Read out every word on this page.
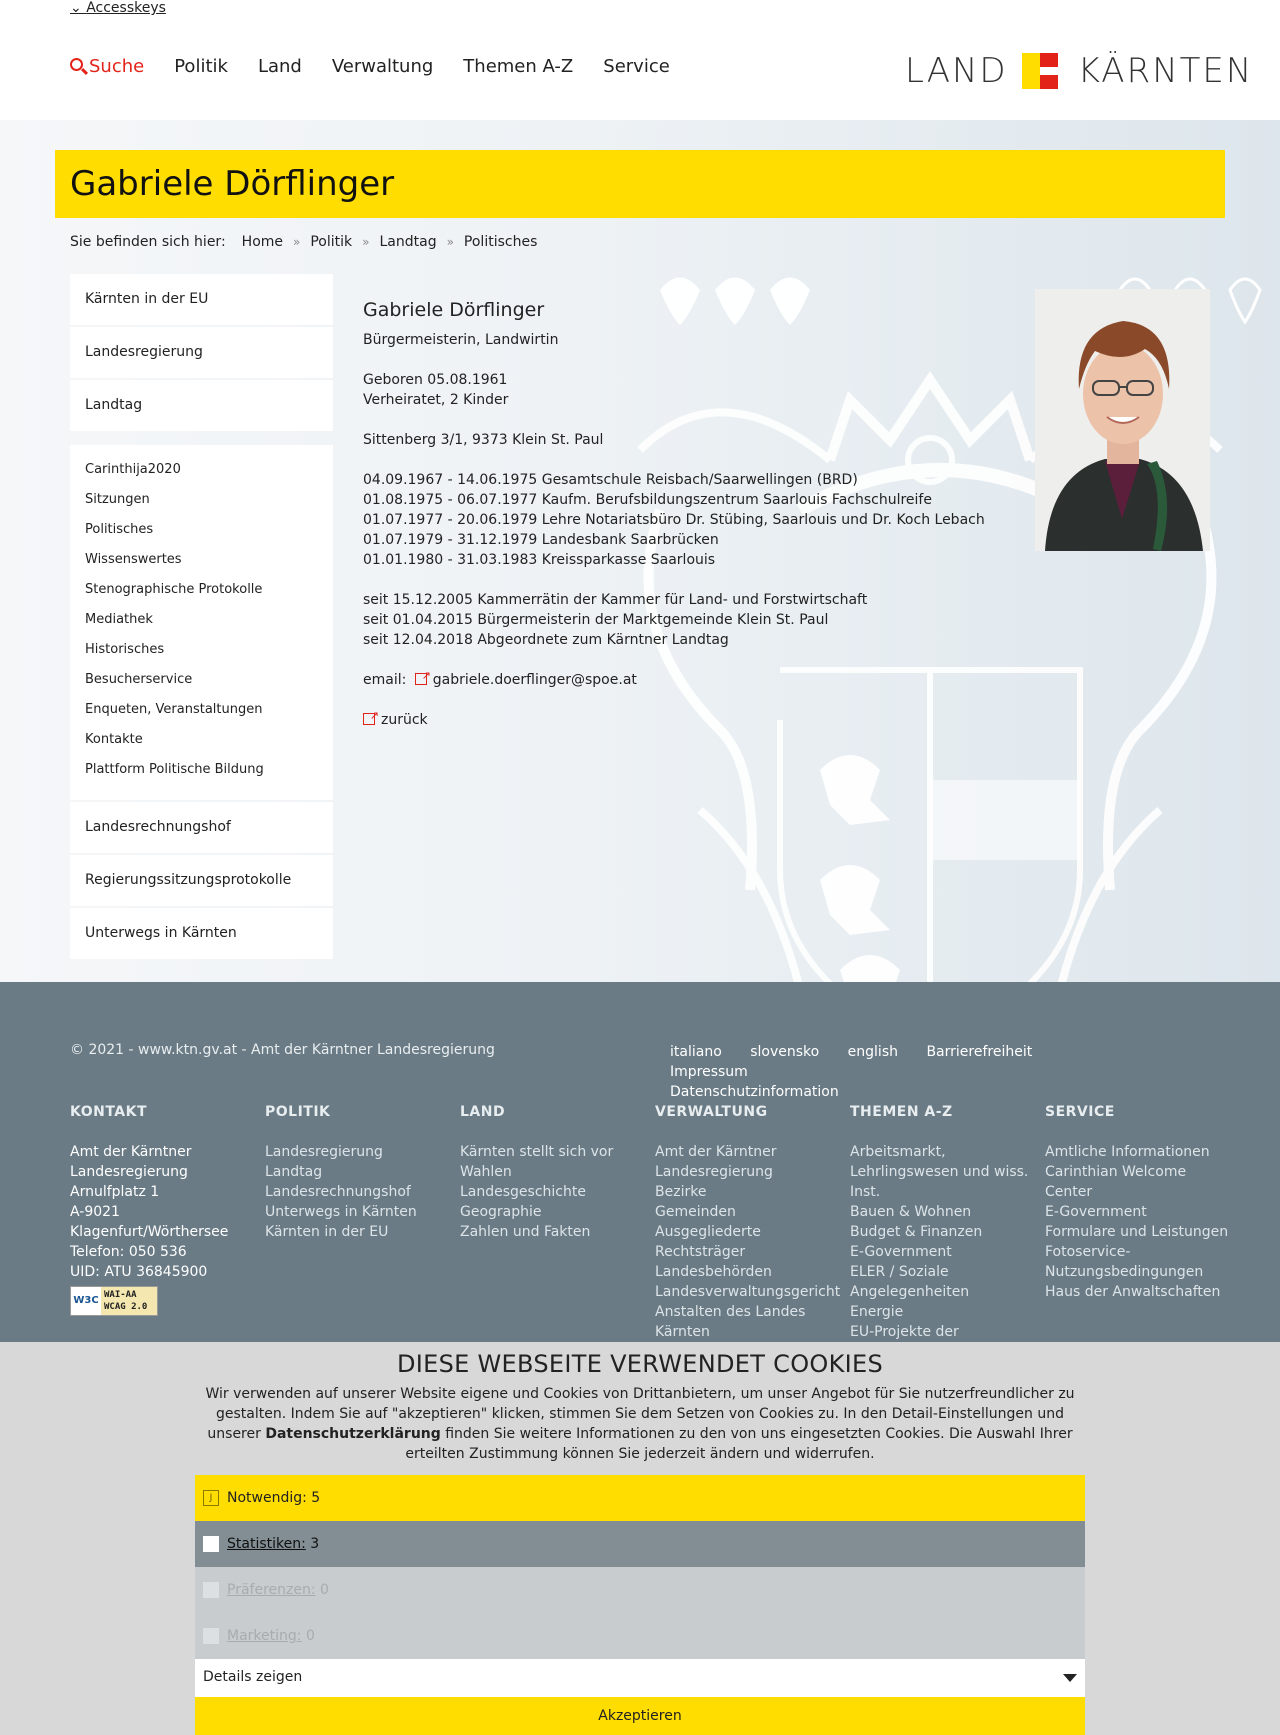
⌄ Accesskeys
Suche Politik Land Verwaltung Themen A-Z Service	LAND KÄRNTEN
Gabriele Dörflinger
Sie befinden sich hier: Home » Politik » Landtag » Politisches
Kärnten in der EU
Landesregierung
Landtag
Carinthija2020
Sitzungen
Politisches
Wissenswertes
Stenographische Protokolle
Mediathek
Historisches
Besucherservice
Enqueten, Veranstaltungen
Kontakte
Plattform Politische Bildung
Landesrechnungshof
Regierungssitzungsprotokolle
Unterwegs in Kärnten
Gabriele Dörflinger
Bürgermeisterin, Landwirtin
Geboren 05.08.1961
Verheiratet, 2 Kinder
Sittenberg 3/1, 9373 Klein St. Paul
04.09.1967 - 14.06.1975 Gesamtschule Reisbach/Saarwellingen (BRD)
01.08.1975 - 06.07.1977 Kaufm. Berufsbildungszentrum Saarlouis Fachschulreife
01.07.1977 - 20.06.1979 Lehre Notariatsbüro Dr. Stübing, Saarlouis und Dr. Koch Lebach
01.07.1979 - 31.12.1979 Landesbank Saarbrücken
01.01.1980 - 31.03.1983 Kreissparkasse Saarlouis
seit 15.12.2005 Kammerrätin der Kammer für Land- und Forstwirtschaft
seit 01.04.2015 Bürgermeisterin der Marktgemeinde Klein St. Paul
seit 12.04.2018 Abgeordnete zum Kärntner Landtag
email: ↗ gabriele.doerflinger@spoe.at
↗zurück
© 2021 - www.ktn.gv.at - Amt der Kärntner Landesregierung	italiano slovensko english Barrierefreiheit Impressum
Datenschutzinformation
KONTAKT
Amt der Kärntner Landesregierung
Arnulfplatz 1
A-9021 Klagenfurt/Wörthersee
Telefon: 050 536
UID: ATU 36845900
W3C WAI-AA
WCAG 2.0
POLITIK
Landesregierung
Landtag
Landesrechnungshof
Unterwegs in Kärnten
Kärnten in der EU
LAND
Kärnten stellt sich vor
Wahlen
Landesgeschichte
Geographie
Zahlen und Fakten
VERWALTUNG
Amt der Kärntner Landesregierung
Bezirke
Gemeinden
Ausgegliederte Rechtsträger
Landesbehörden
Landesverwaltungsgericht
Anstalten des Landes Kärnten
THEMEN A-Z
Arbeitsmarkt, Lehrlingswesen und wiss. Inst.
Bauen & Wohnen
Budget & Finanzen
E-Government
ELER / Soziale Angelegenheiten
Energie
EU-Projekte der
SERVICE
Amtliche Informationen
Carinthian Welcome Center
E-Government
Formulare und Leistungen
Fotoservice-Nutzungsbedingungen
Haus der Anwaltschaften
DIESE WEBSEITE VERWENDET COOKIES

Wir verwenden auf unserer Website eigene und Cookies von Drittanbietern, um unser Angebot für Sie nutzerfreundlicher zu gestalten. Indem Sie auf "akzeptieren" klicken, stimmen Sie dem Setzen von Cookies zu. In den Detail-Einstellungen und unserer Datenschutzerklärung finden Sie weitere Informationen zu den von uns eingesetzten Cookies. Die Auswahl Ihrer erteilten Zustimmung können Sie jederzeit ändern und widerrufen.

J	Notwendig:
5
Statistiken:
3
Präferenzen:
0
Marketing:
0
Details zeigen
Akzeptieren
